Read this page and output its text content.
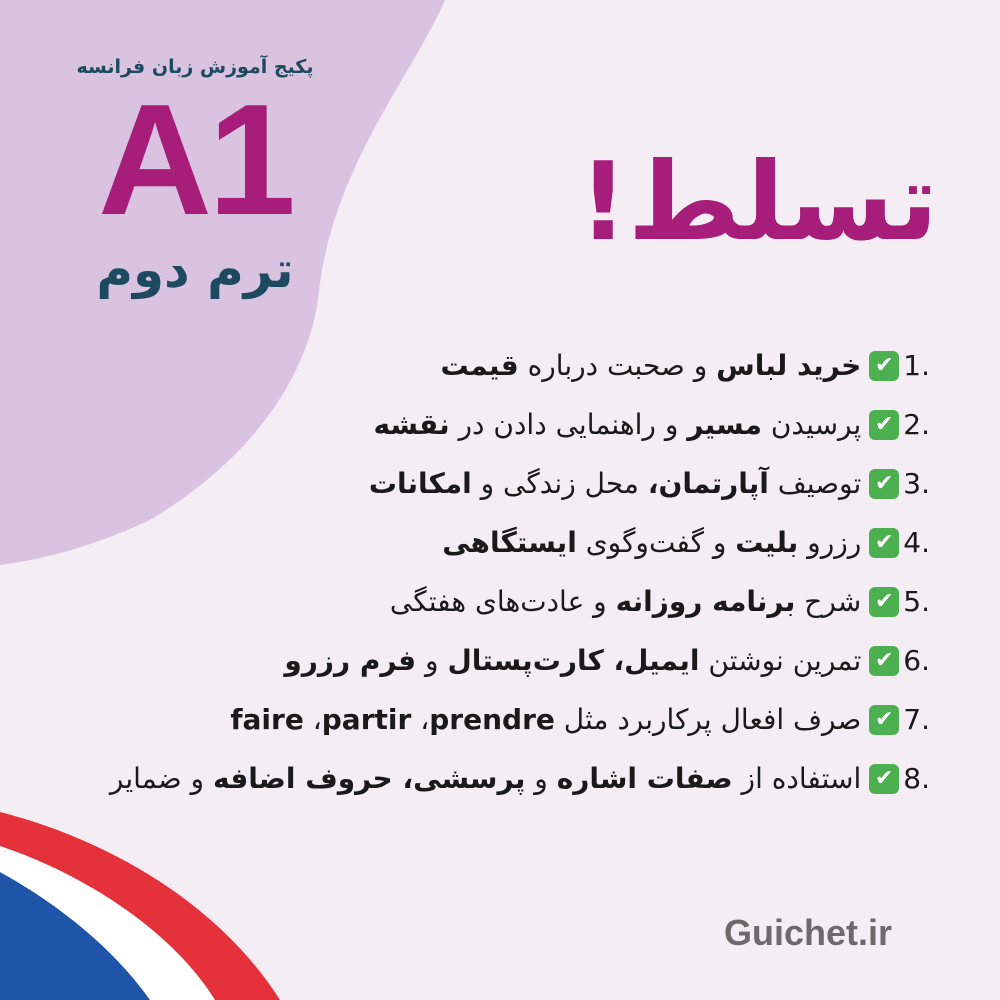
پکیج آموزش زبان فرانسه
A1
ترم دوم
تسلط!
.1
✔
خرید لباس
و صحبت درباره
قیمت
.2
✔
پرسیدن
مسیر
و راهنمایی دادن در
نقشه
.3
✔
توصیف
آپارتمان،
محل زندگی و
امکانات
.4
✔
رزرو
بلیت
و گفت‌وگوی
ایستگاهی
.5
✔
شرح
برنامه روزانه
و عادت‌های هفتگی
.6
✔
تمرین نوشتن
ایمیل، کارت‌پستال
و
فرم رزرو
.7
✔
صرف افعال پرکاربرد مثل
prendre
،
partir
،
faire
.8
✔
استفاده از
صفات اشاره
و
پرسشی، حروف اضافه
و ضمایر
Guichet.ir
